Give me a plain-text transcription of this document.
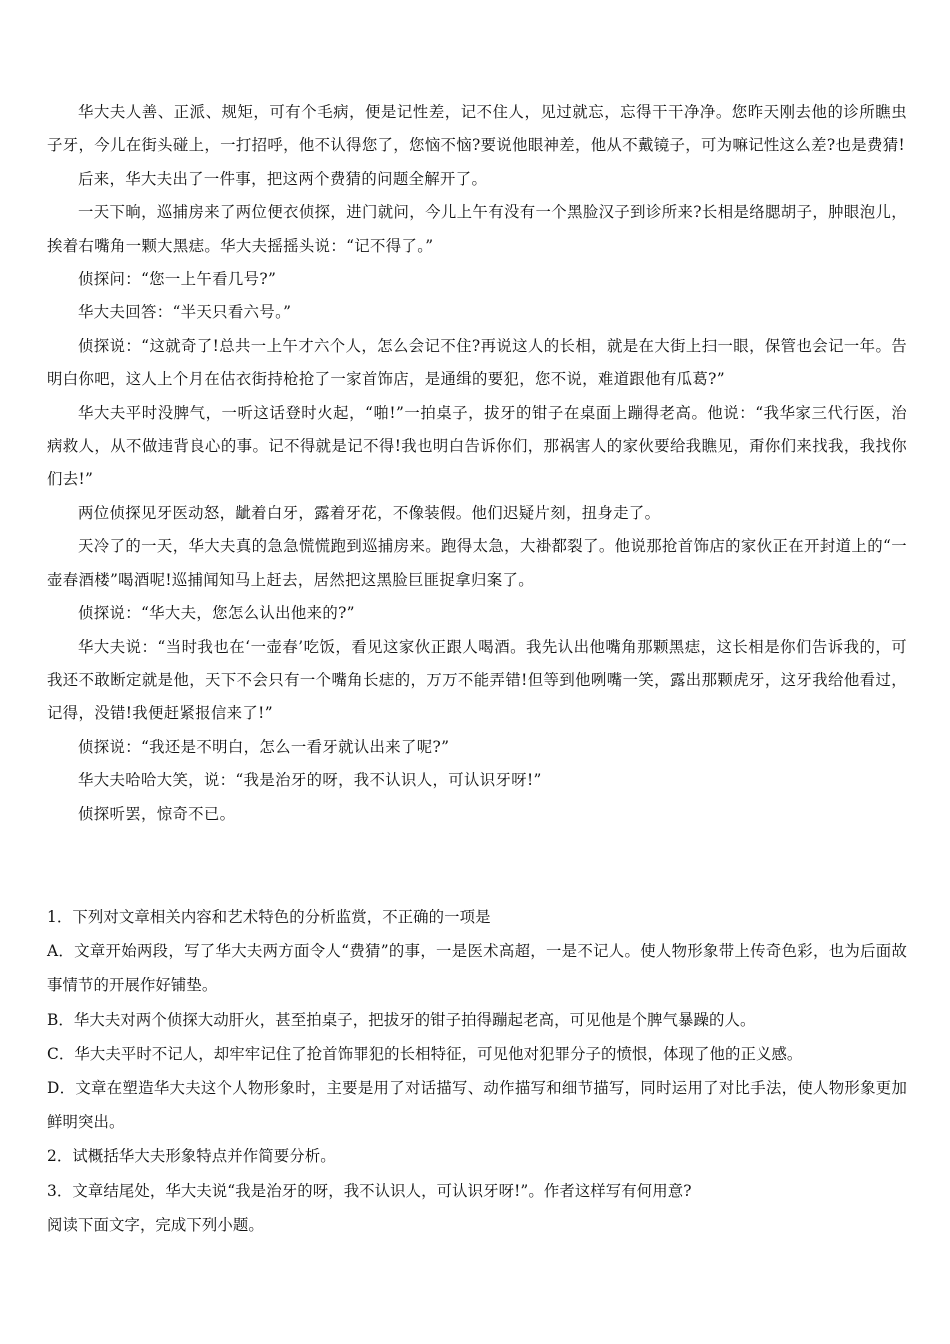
华大夫人善、正派、规矩，可有个毛病，便是记性差，记不住人，见过就忘，忘得干干净净。您昨天刚去他的诊所瞧虫子牙，今儿在街头碰上，一打招呼，他不认得您了，您恼不恼?要说他眼神差，他从不戴镜子，可为嘛记性这么差?也是费猜!

后来，华大夫出了一件事，把这两个费猜的问题全解开了。

一天下晌，巡捕房来了两位便衣侦探，进门就问，今儿上午有没有一个黑脸汉子到诊所来?长相是络腮胡子，肿眼泡儿，挨着右嘴角一颗大黑痣。华大夫摇摇头说：“记不得了。”

侦探问：“您一上午看几号?”

华大夫回答：“半天只看六号。”

侦探说：“这就奇了!总共一上午才六个人，怎么会记不住?再说这人的长相，就是在大街上扫一眼，保管也会记一年。告明白你吧，这人上个月在估衣街持枪抢了一家首饰店，是通缉的要犯，您不说，难道跟他有瓜葛?”

华大夫平时没脾气，一听这话登时火起，“啪!”一拍桌子，拔牙的钳子在桌面上蹦得老高。他说：“我华家三代行医，治病救人，从不做违背良心的事。记不得就是记不得!我也明白告诉你们，那祸害人的家伙要给我瞧见，甭你们来找我，我找你们去!”

两位侦探见牙医动怒，龇着白牙，露着牙花，不像装假。他们迟疑片刻，扭身走了。

天冷了的一天，华大夫真的急急慌慌跑到巡捕房来。跑得太急，大褂都裂了。他说那抢首饰店的家伙正在开封道上的“一壶春酒楼”喝酒呢!巡捕闻知马上赶去，居然把这黑脸巨匪捉拿归案了。

侦探说：“华大夫，您怎么认出他来的?”

华大夫说：“当时我也在‘一壶春’吃饭，看见这家伙正跟人喝酒。我先认出他嘴角那颗黑痣，这长相是你们告诉我的，可我还不敢断定就是他，天下不会只有一个嘴角长痣的，万万不能弄错!但等到他咧嘴一笑，露出那颗虎牙，这牙我给他看过，记得，没错!我便赶紧报信来了!”

侦探说：“我还是不明白，怎么一看牙就认出来了呢?”

华大夫哈哈大笑，说：“我是治牙的呀，我不认识人，可认识牙呀!”

侦探听罢，惊奇不已。

1．下列对文章相关内容和艺术特色的分析监赏，不正确的一项是

A．文章开始两段，写了华大夫两方面令人“费猜”的事，一是医术高超，一是不记人。使人物形象带上传奇色彩，也为后面故事情节的开展作好铺垫。

B．华大夫对两个侦探大动肝火，甚至拍桌子，把拔牙的钳子拍得蹦起老高，可见他是个脾气暴躁的人。

C．华大夫平时不记人，却牢牢记住了抢首饰罪犯的长相特征，可见他对犯罪分子的愤恨，体现了他的正义感。

D．文章在塑造华大夫这个人物形象时，主要是用了对话描写、动作描写和细节描写，同时运用了对比手法，使人物形象更加鲜明突出。

2．试概括华大夫形象特点并作简要分析。

3．文章结尾处，华大夫说“我是治牙的呀，我不认识人，可认识牙呀!”。作者这样写有何用意?

阅读下面文字，完成下列小题。
